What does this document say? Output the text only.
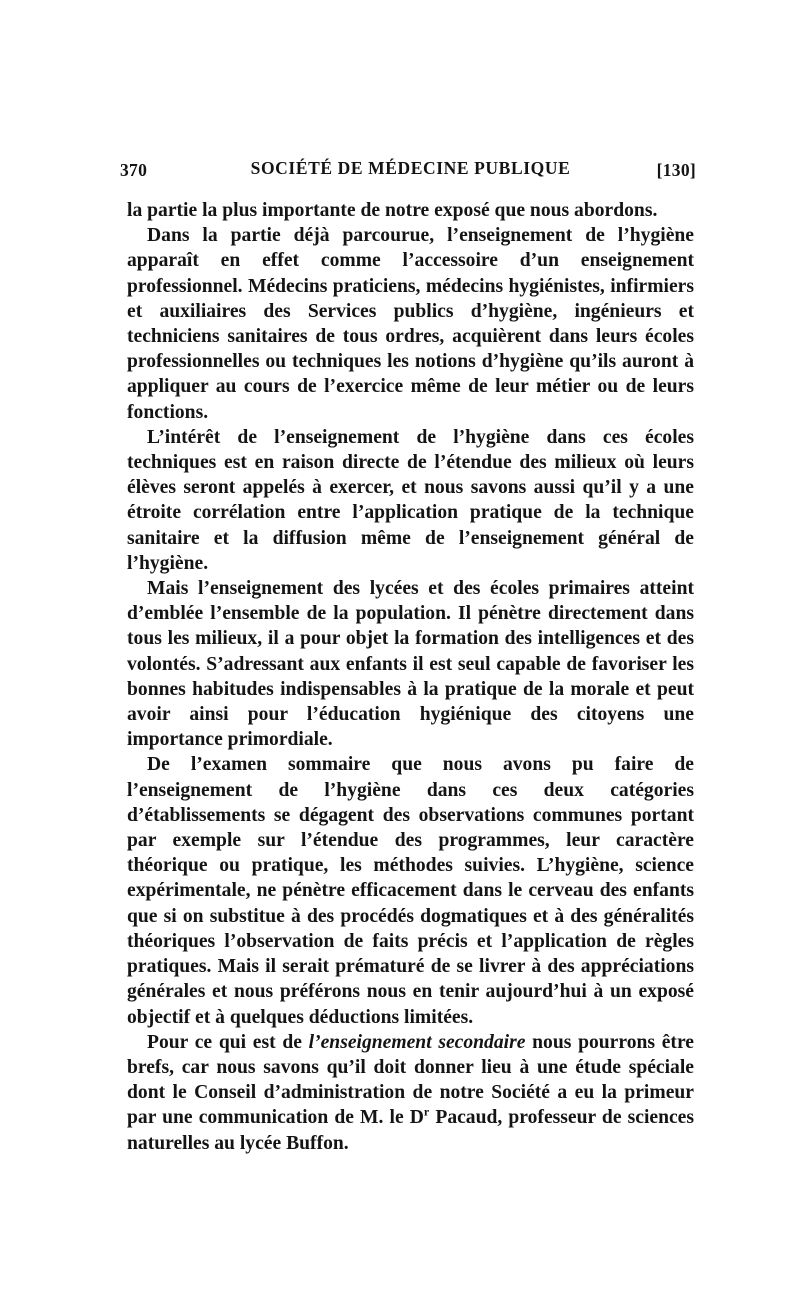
370	SOCIÉTÉ DE MÉDECINE PUBLIQUE	[130]

la partie la plus importante de notre exposé que nous abordons.

Dans la partie déjà parcourue, l’enseignement de l’hygiène apparaît en effet comme l’accessoire d’un enseignement professionnel. Médecins praticiens, médecins hygiénistes, infirmiers et auxiliaires des Services publics d’hygiène, ingénieurs et techniciens sanitaires de tous ordres, acquièrent dans leurs écoles professionnelles ou techniques les notions d’hygiène qu’ils auront à appliquer au cours de l’exercice même de leur métier ou de leurs fonctions.

L’intérêt de l’enseignement de l’hygiène dans ces écoles techniques est en raison directe de l’étendue des milieux où leurs élèves seront appelés à exercer, et nous savons aussi qu’il y a une étroite corrélation entre l’application pratique de la technique sanitaire et la diffusion même de l’enseignement général de l’hygiène.

Mais l’enseignement des lycées et des écoles primaires atteint d’emblée l’ensemble de la population. Il pénètre directement dans tous les milieux, il a pour objet la formation des intelligences et des volontés. S’adressant aux enfants il est seul capable de favoriser les bonnes habitudes indispensables à la pratique de la morale et peut avoir ainsi pour l’éducation hygiénique des citoyens une importance primordiale.

De l’examen sommaire que nous avons pu faire de l’enseignement de l’hygiène dans ces deux catégories d’établissements se dégagent des observations communes portant par exemple sur l’étendue des programmes, leur caractère théorique ou pratique, les méthodes suivies. L’hygiène, science expérimentale, ne pénètre efficacement dans le cerveau des enfants que si on substitue à des procédés dogmatiques et à des généralités théoriques l’observation de faits précis et l’application de règles pratiques. Mais il serait prématuré de se livrer à des appréciations générales et nous préférons nous en tenir aujourd’hui à un exposé objectif et à quelques déductions limitées.

Pour ce qui est de l’enseignement secondaire nous pourrons être brefs, car nous savons qu’il doit donner lieu à une étude spéciale dont le Conseil d’administration de notre Société a eu la primeur par une communication de M. le $D^r$ Pacaud, professeur de sciences naturelles au lycée Buffon.
